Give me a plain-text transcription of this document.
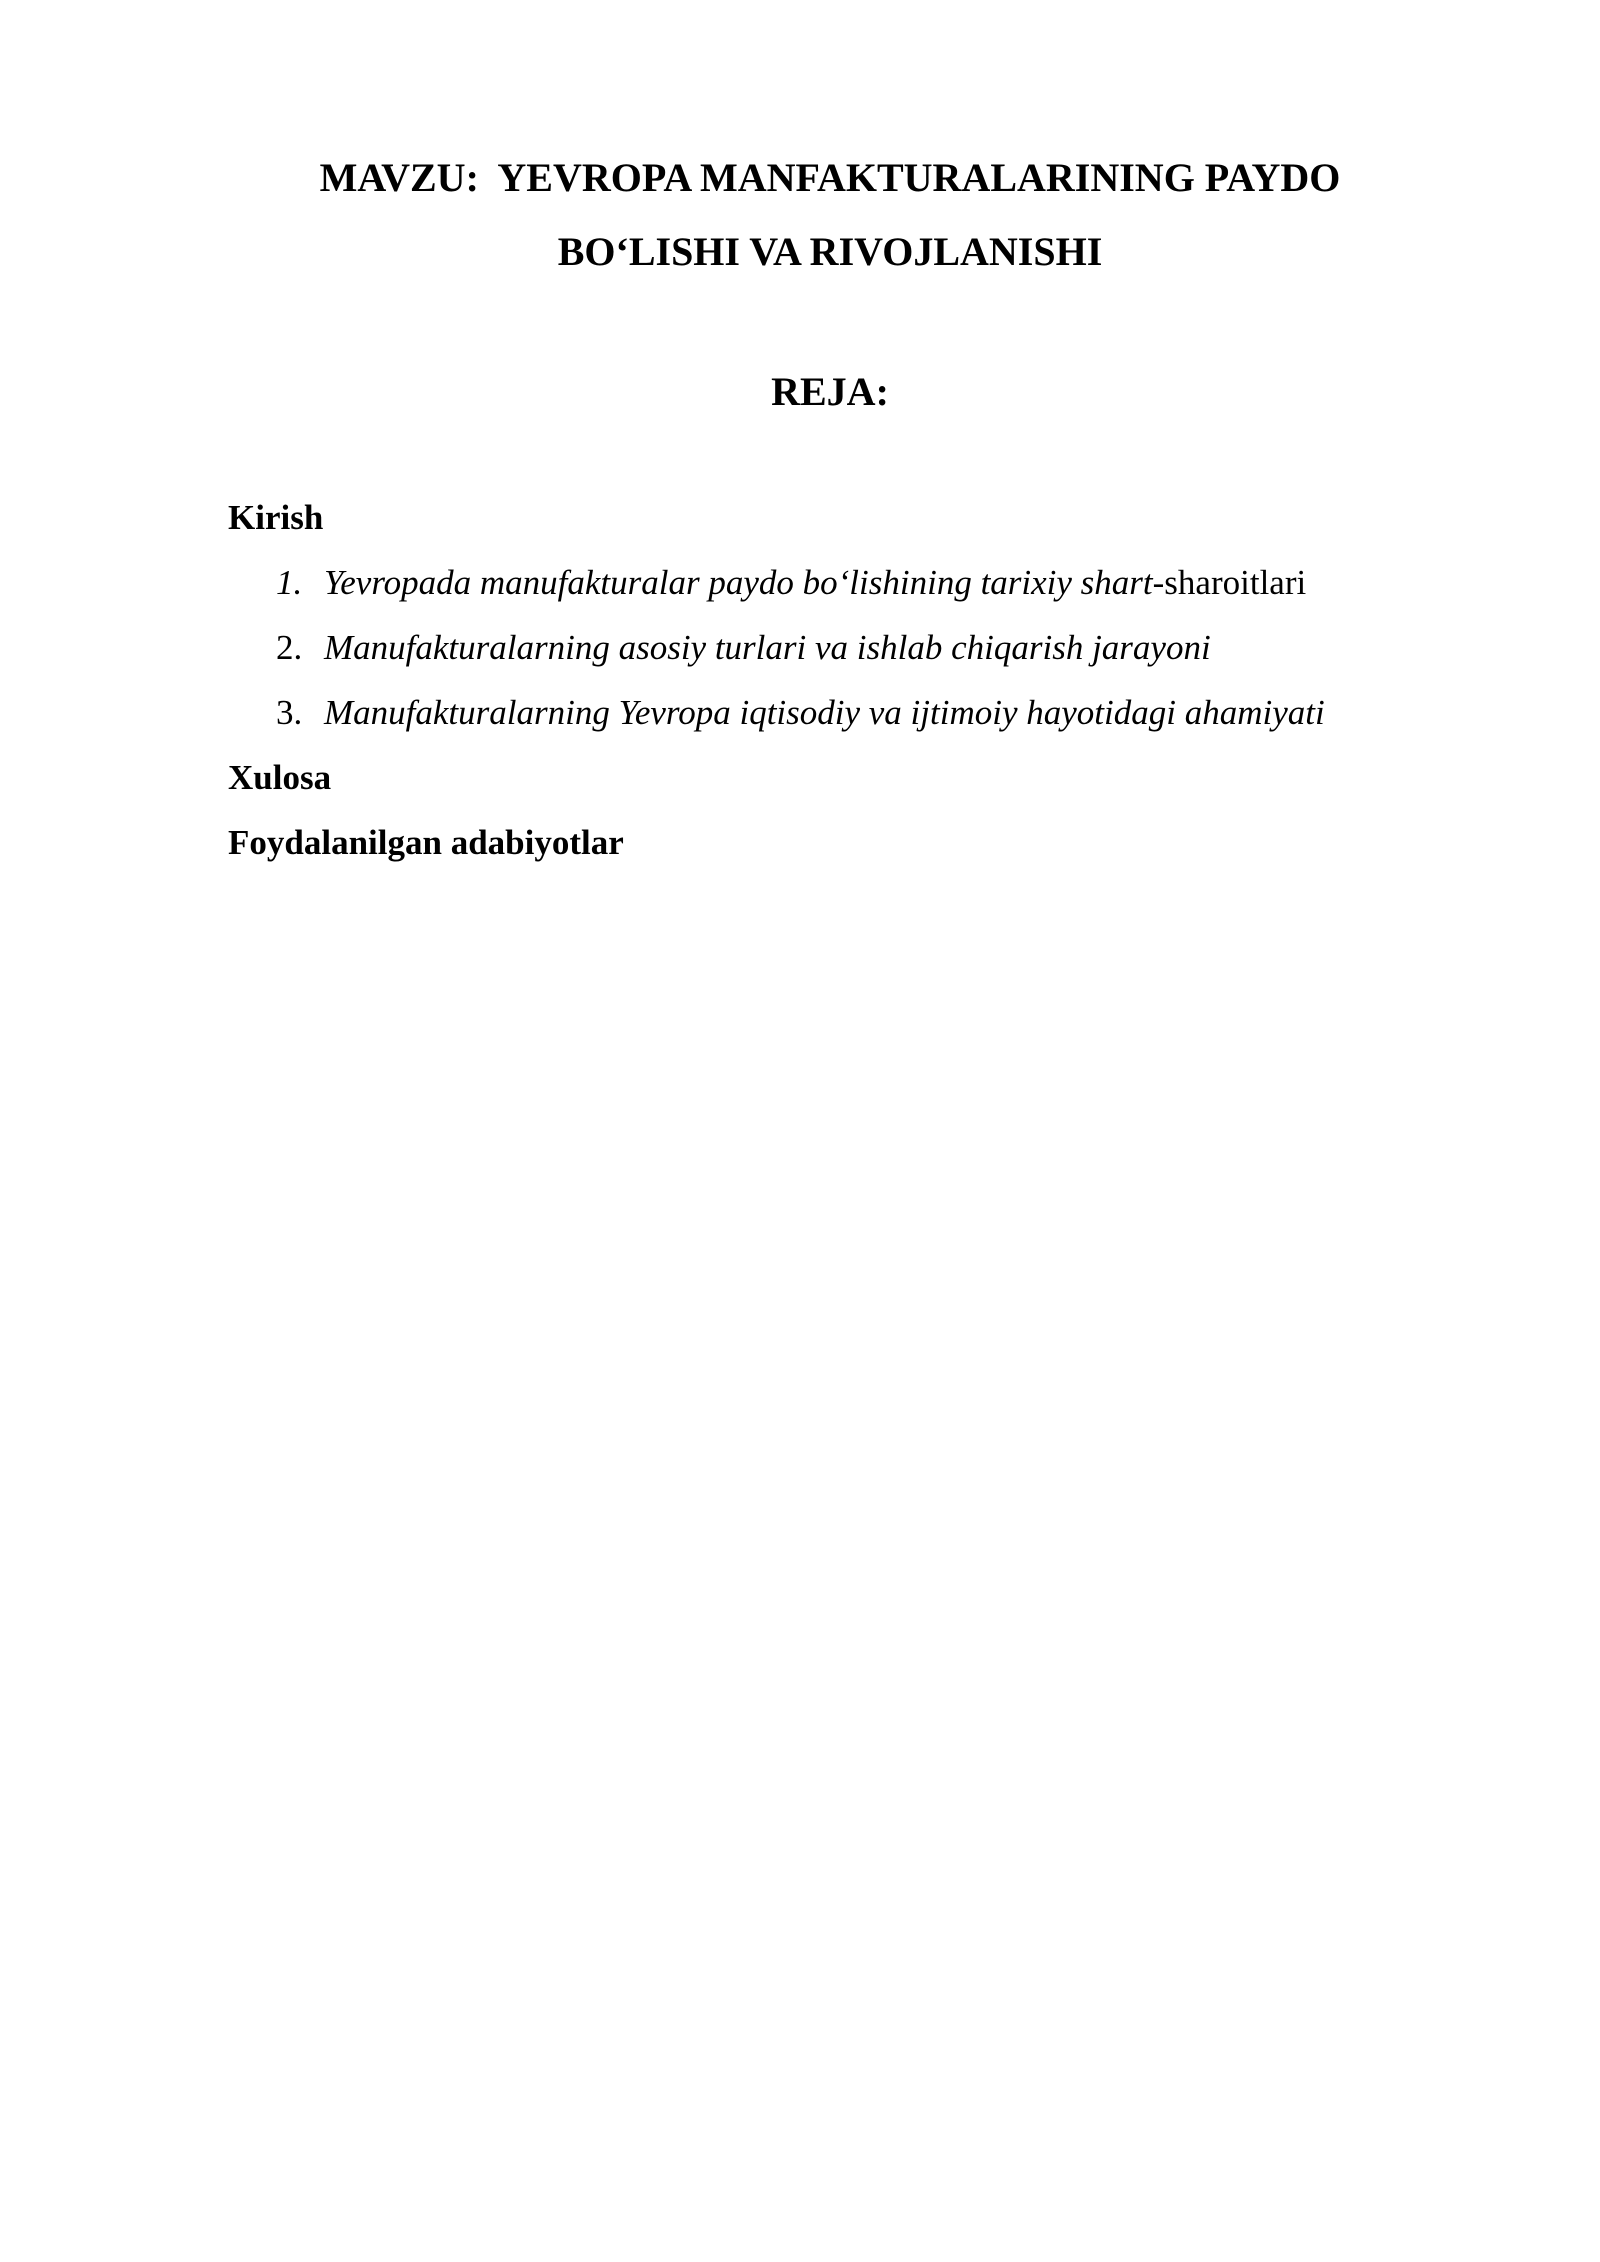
MAVZU:  YEVROPA MANFAKTURALARINING PAYDO
BO‘LISHI VA RIVOJLANISHI
REJA:
Kirish
1. Yevropada manufakturalar paydo bo‘lishining tarixiy shart-sharoitlari
2. Manufakturalarning asosiy turlari va ishlab chiqarish jarayoni
3. Manufakturalarning Yevropa iqtisodiy va ijtimoiy hayotidagi ahamiyati
Xulosa
Foydalanilgan adabiyotlar
